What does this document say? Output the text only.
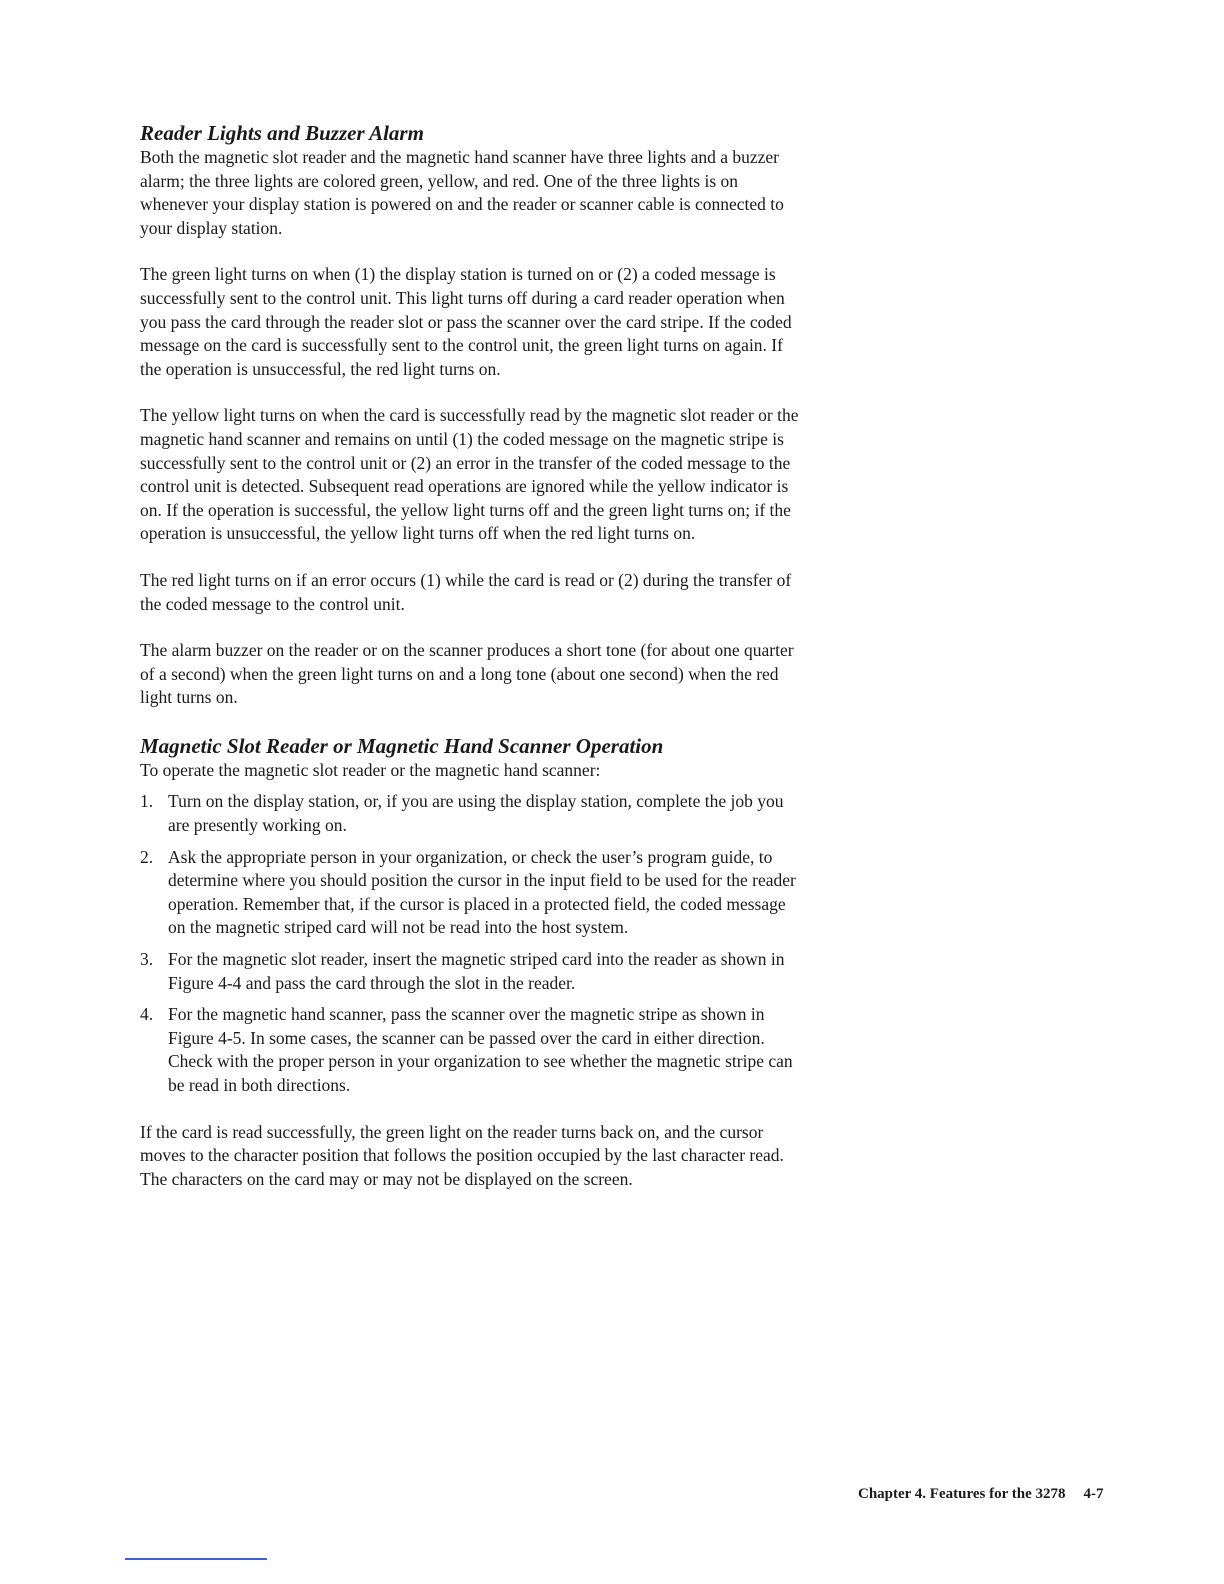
Reader Lights and Buzzer Alarm

Both the magnetic slot reader and the magnetic hand scanner have three lights and a buzzer alarm; the three lights are colored green, yellow, and red. One of the three lights is on whenever your display station is powered on and the reader or scanner cable is connected to your display station.

The green light turns on when (1) the display station is turned on or (2) a coded message is successfully sent to the control unit. This light turns off during a card reader operation when you pass the card through the reader slot or pass the scanner over the card stripe. If the coded message on the card is successfully sent to the control unit, the green light turns on again. If the operation is unsuccessful, the red light turns on.

The yellow light turns on when the card is successfully read by the magnetic slot reader or the magnetic hand scanner and remains on until (1) the coded message on the magnetic stripe is successfully sent to the control unit or (2) an error in the transfer of the coded message to the control unit is detected. Subsequent read operations are ignored while the yellow indicator is on. If the operation is successful, the yellow light turns off and the green light turns on; if the operation is unsuccessful, the yellow light turns off when the red light turns on.

The red light turns on if an error occurs (1) while the card is read or (2) during the transfer of the coded message to the control unit.

The alarm buzzer on the reader or on the scanner produces a short tone (for about one quarter of a second) when the green light turns on and a long tone (about one second) when the red light turns on.

Magnetic Slot Reader or Magnetic Hand Scanner Operation

To operate the magnetic slot reader or the magnetic hand scanner:

1. Turn on the display station, or, if you are using the display station, complete the job you are presently working on.
2. Ask the appropriate person in your organization, or check the user’s program guide, to determine where you should position the cursor in the input field to be used for the reader operation. Remember that, if the cursor is placed in a protected field, the coded message on the magnetic striped card will not be read into the host system.
3. For the magnetic slot reader, insert the magnetic striped card into the reader as shown in Figure 4-4 and pass the card through the slot in the reader.
4. For the magnetic hand scanner, pass the scanner over the magnetic stripe as shown in Figure 4-5. In some cases, the scanner can be passed over the card in either direction. Check with the proper person in your organization to see whether the magnetic stripe can be read in both directions.

If the card is read successfully, the green light on the reader turns back on, and the cursor moves to the character position that follows the position occupied by the last character read. The characters on the card may or may not be displayed on the screen.

Chapter 4. Features for the 3278 4-7
